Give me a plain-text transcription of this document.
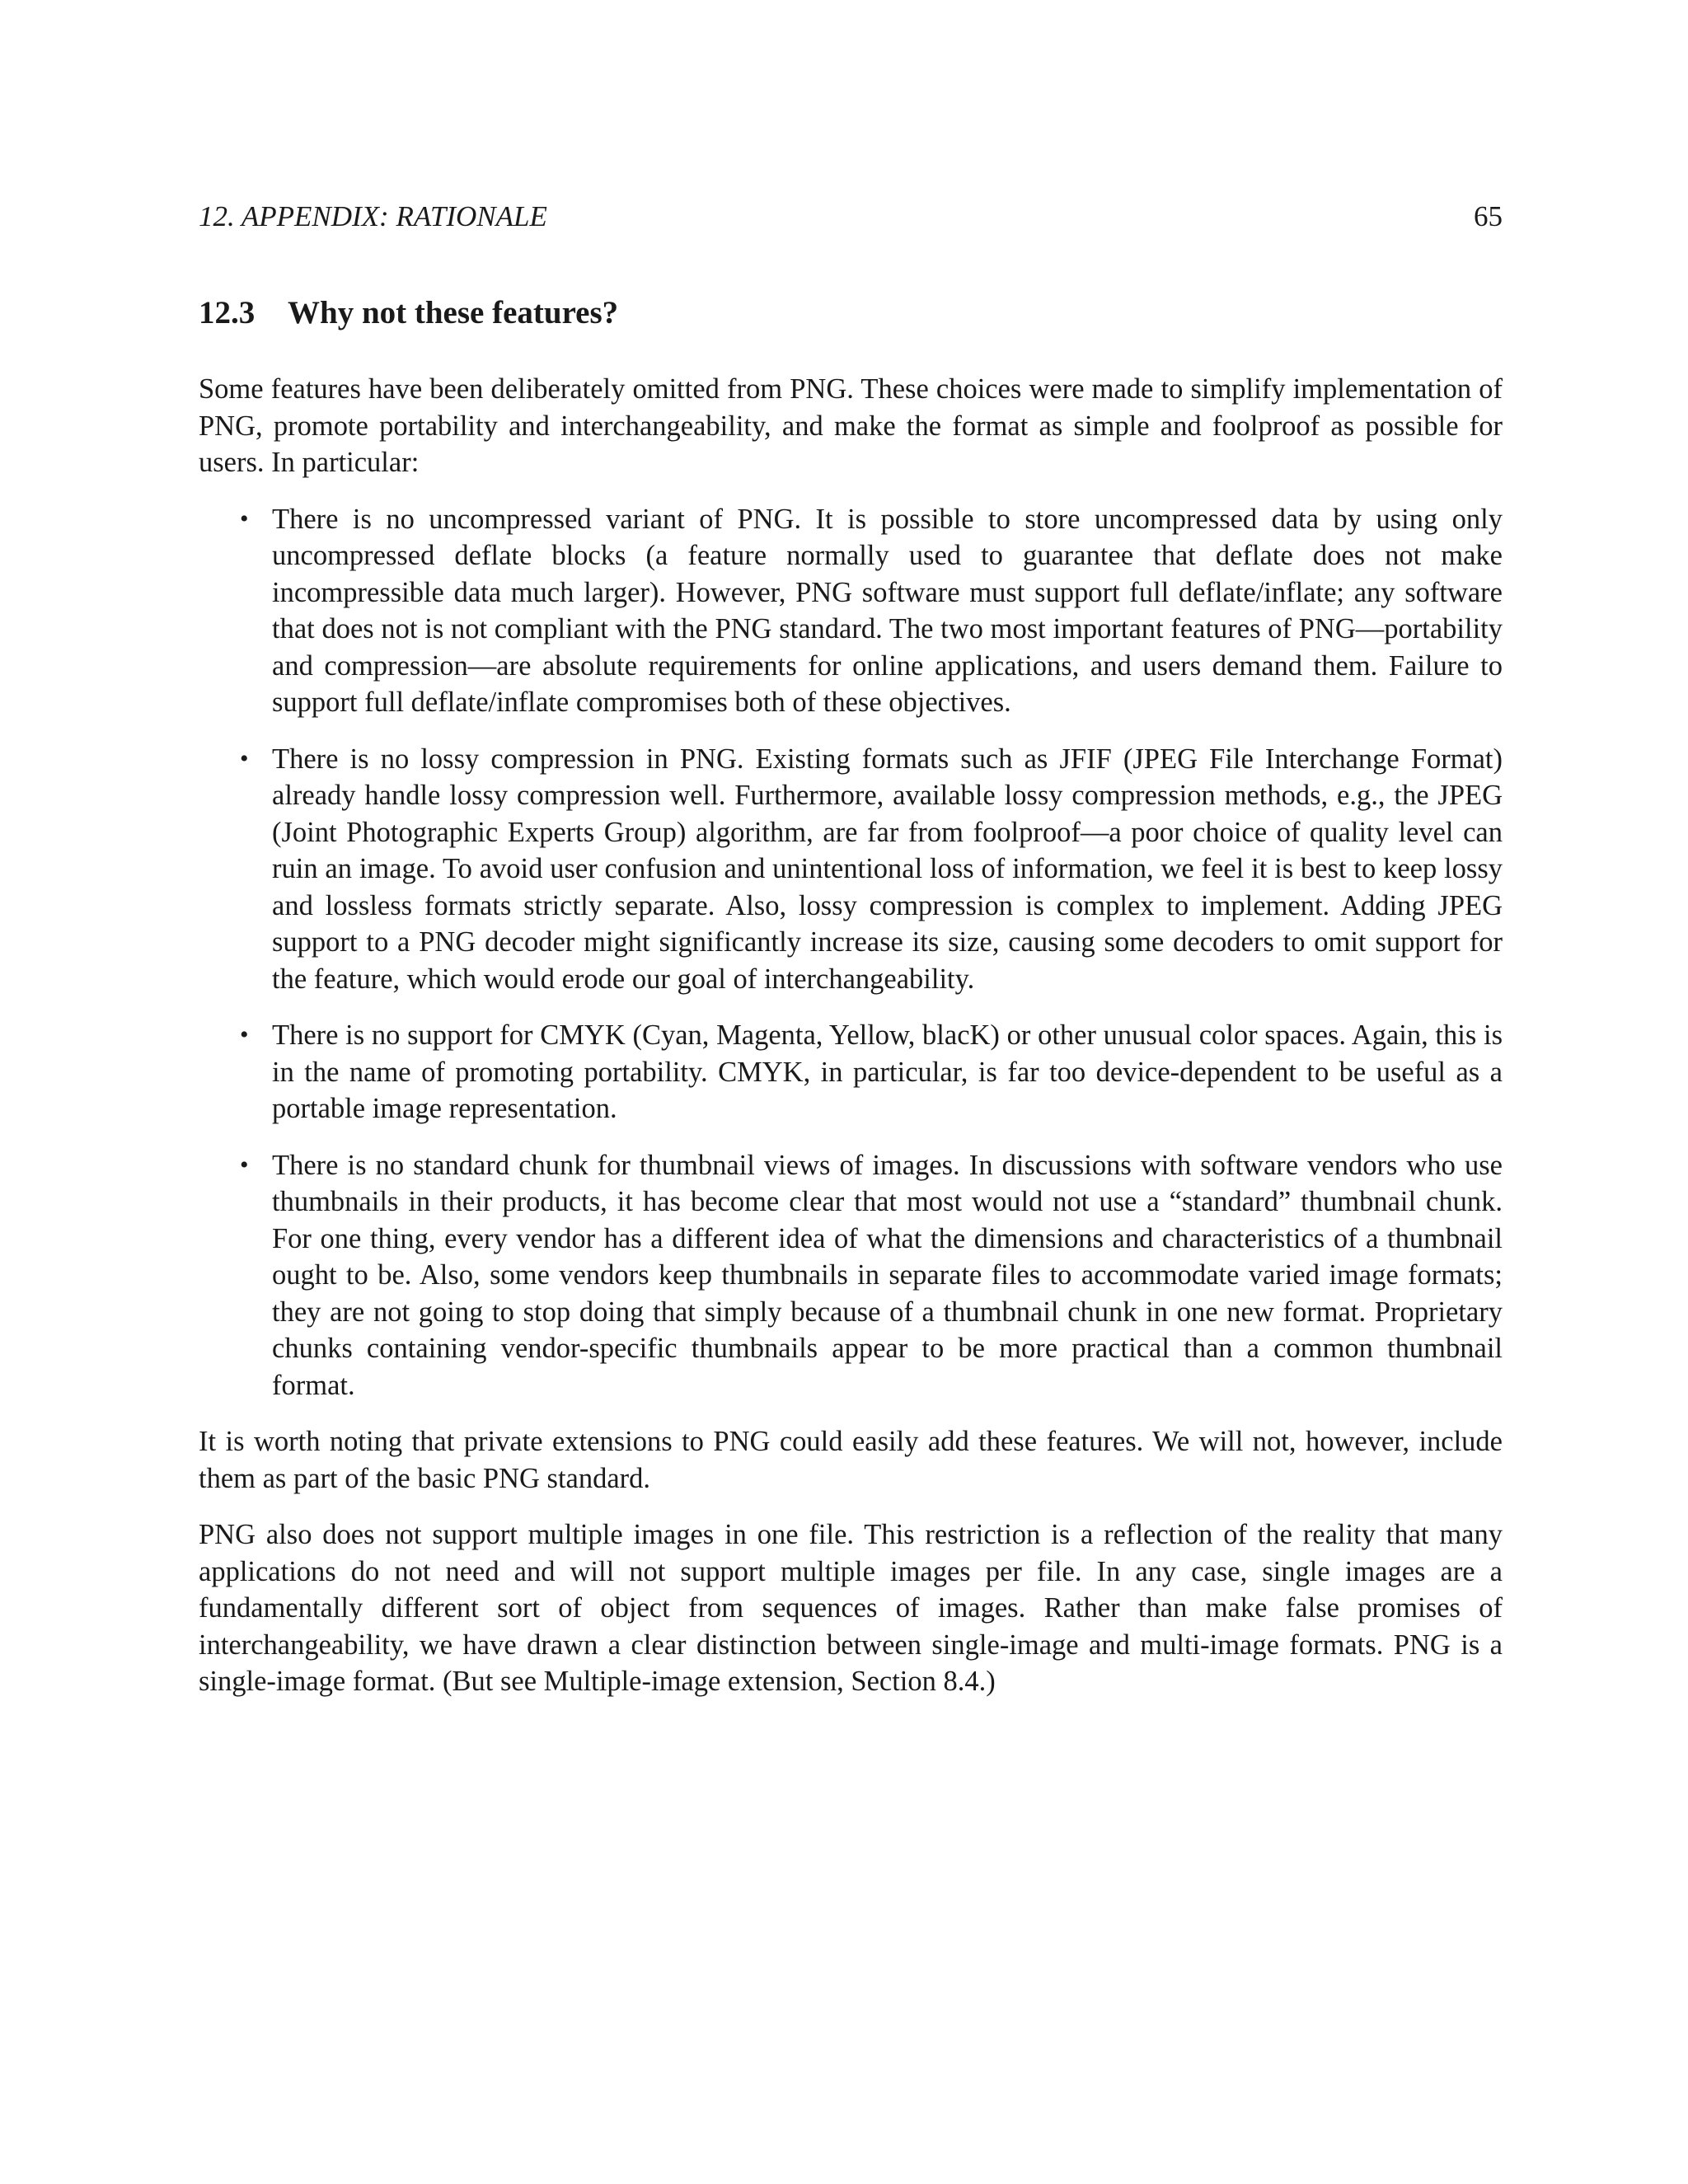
12. APPENDIX: RATIONALE	65
12.3 Why not these features?

Some features have been deliberately omitted from PNG. These choices were made to simplify implementation of PNG, promote portability and interchangeability, and make the format as simple and foolproof as possible for users. In particular:

• There is no uncompressed variant of PNG. It is possible to store uncompressed data by using only uncompressed deflate blocks (a feature normally used to guarantee that deflate does not make incompressible data much larger). However, PNG software must support full deflate/inflate; any software that does not is not compliant with the PNG standard. The two most important features of PNG—portability and compression—are absolute requirements for online applications, and users demand them. Failure to support full deflate/inflate compromises both of these objectives.
• There is no lossy compression in PNG. Existing formats such as JFIF (JPEG File Interchange Format) already handle lossy compression well. Furthermore, available lossy compression methods, e.g., the JPEG (Joint Photographic Experts Group) algorithm, are far from foolproof—a poor choice of quality level can ruin an image. To avoid user confusion and unintentional loss of information, we feel it is best to keep lossy and lossless formats strictly separate. Also, lossy compression is complex to implement. Adding JPEG support to a PNG decoder might significantly increase its size, causing some decoders to omit support for the feature, which would erode our goal of interchangeability.
• There is no support for CMYK (Cyan, Magenta, Yellow, blacK) or other unusual color spaces. Again, this is in the name of promoting portability. CMYK, in particular, is far too device-dependent to be useful as a portable image representation.
• There is no standard chunk for thumbnail views of images. In discussions with software vendors who use thumbnails in their products, it has become clear that most would not use a “standard” thumbnail chunk. For one thing, every vendor has a different idea of what the dimensions and characteristics of a thumbnail ought to be. Also, some vendors keep thumbnails in separate files to accommodate varied image formats; they are not going to stop doing that simply because of a thumbnail chunk in one new format. Proprietary chunks containing vendor-specific thumbnails appear to be more practical than a common thumbnail format.

It is worth noting that private extensions to PNG could easily add these features. We will not, however, include them as part of the basic PNG standard.

PNG also does not support multiple images in one file. This restriction is a reflection of the reality that many applications do not need and will not support multiple images per file. In any case, single images are a fundamentally different sort of object from sequences of images. Rather than make false promises of interchangeability, we have drawn a clear distinction between single-image and multi-image formats. PNG is a single-image format. (But see Multiple-image extension, Section 8.4.)
